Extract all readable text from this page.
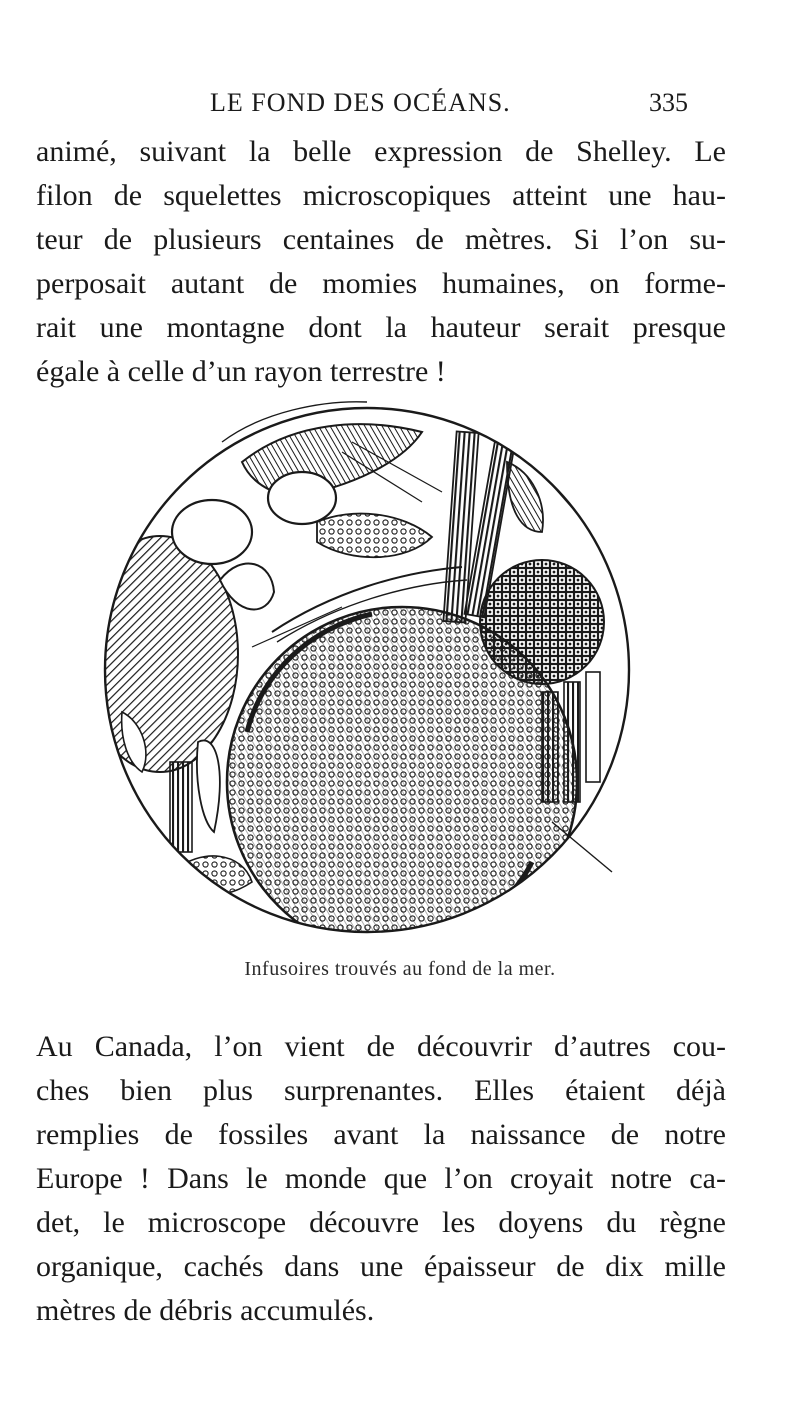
LE FOND DES OCÉANS.	335
animé, suivant la belle expression de Shelley. Le
filon de squelettes microscopiques atteint une hau-
teur de plusieurs centaines de mètres. Si l’on su-
perposait autant de momies humaines, on forme-
rait une montagne dont la hauteur serait presque
égale à celle d’un rayon terrestre !
Infusoires trouvés au fond de la mer.
Au Canada, l’on vient de découvrir d’autres cou-
ches bien plus surprenantes. Elles étaient déjà
remplies de fossiles avant la naissance de notre
Europe ! Dans le monde que l’on croyait notre ca-
det, le microscope découvre les doyens du règne
organique, cachés dans une épaisseur de dix mille
mètres de débris accumulés.
